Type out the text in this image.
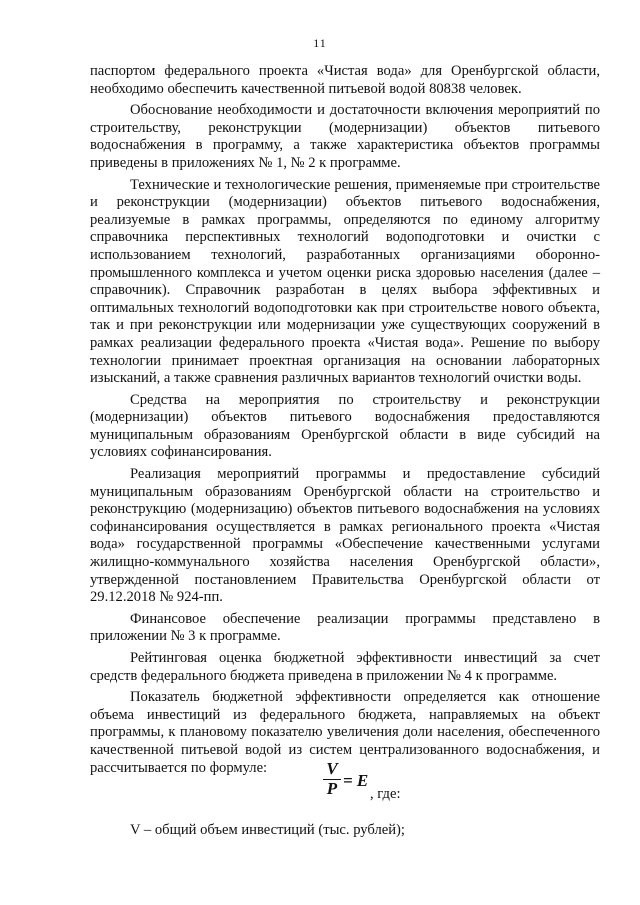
11

паспортом федерального проекта «Чистая вода» для Оренбургской области, необходимо обеспечить качественной питьевой водой 80838 человек.

Обоснование необходимости и достаточности включения мероприятий по строительству, реконструкции (модернизации) объектов питьевого водоснабжения в программу, а также характеристика объектов программы приведены в приложениях № 1, № 2 к программе.

Технические и технологические решения, применяемые при строительстве и реконструкции (модернизации) объектов питьевого водоснабжения, реализуемые в рамках программы, определяются по единому алгоритму справочника перспективных технологий водоподготовки и очистки с использованием технологий, разработанных организациями оборонно-промышленного комплекса и учетом оценки риска здоровью населения (далее – справочник). Справочник разработан в целях выбора эффективных и оптимальных технологий водоподготовки как при строительстве нового объекта, так и при реконструкции или модернизации уже существующих сооружений в рамках реализации федерального проекта «Чистая вода». Решение по выбору технологии принимает проектная организация на основании лабораторных изысканий, а также сравнения различных вариантов технологий очистки воды.

Средства на мероприятия по строительству и реконструкции (модернизации) объектов питьевого водоснабжения предоставляются муниципальным образованиям Оренбургской области в виде субсидий на условиях софинансирования.

Реализация мероприятий программы и предоставление субсидий муниципальным образованиям Оренбургской области на строительство и реконструкцию (модернизацию) объектов питьевого водоснабжения на условиях софинансирования осуществляется в рамках регионального проекта «Чистая вода» государственной программы «Обеспечение качественными услугами жилищно-коммунального хозяйства населения Оренбургской области», утвержденной постановлением Правительства Оренбургской области от 29.12.2018 № 924-пп.

Финансовое обеспечение реализации программы представлено в приложении № 3 к программе.

Рейтинговая оценка бюджетной эффективности инвестиций за счет средств федерального бюджета приведена в приложении № 4 к программе.

Показатель бюджетной эффективности определяется как отношение объема инвестиций из федерального бюджета, направляемых на объект программы, к плановому показателю увеличения доли населения, обеспеченного качественной питьевой водой из систем централизованного водоснабжения, и рассчитывается по формуле:	V
P = E
, где:
V – общий объем инвестиций (тыс. рублей);
